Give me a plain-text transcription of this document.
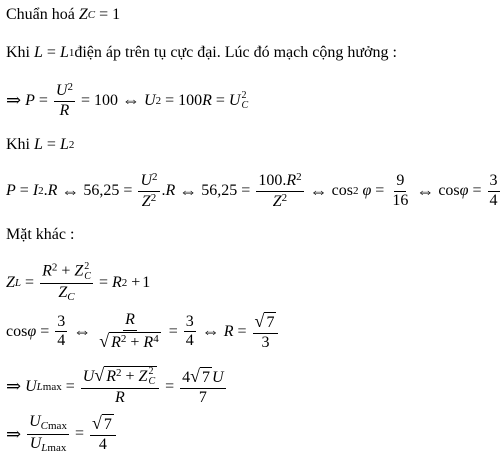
Chuẩn hoá
Z C = 1
Khi
L = L 1 điện áp trên tụ cực đại. Lúc đó mạch cộng hưởng :
⇒
$P = \frac{U^2}{R} = 100$ ⇔ U 2 = 100 R = U 2
C
Khi
L = L 2
P = I 2 . R ⇔ $56,25 = \frac{U^2}{Z^2}$ . R ⇔ $56,25 = \frac{100.R^2}{Z^2}$ ⇔ cos 2
$\varphi = \frac{9}{16}$ ⇔ $\cos \varphi = \frac{3}{4}$
Mặt khác :
Z $L = R^2 + Z$ 2
C
$Z_C = R$ 2 + 1
$\cos \varphi = \frac{3}{4}$ ⇔ $\frac{R}{√ R^2 + R^4} = \frac{3}{4}$ ⇔ $R = \frac{√ 7}{3}$
⇒
U Lmax = U√ $R^2 + Z$ 2
C
$R = \frac{4√ 7 U}{7}$
⇒
$\frac{U_{Cmax}}{U_{Lmax}} = \frac{√ 7}{4}$
